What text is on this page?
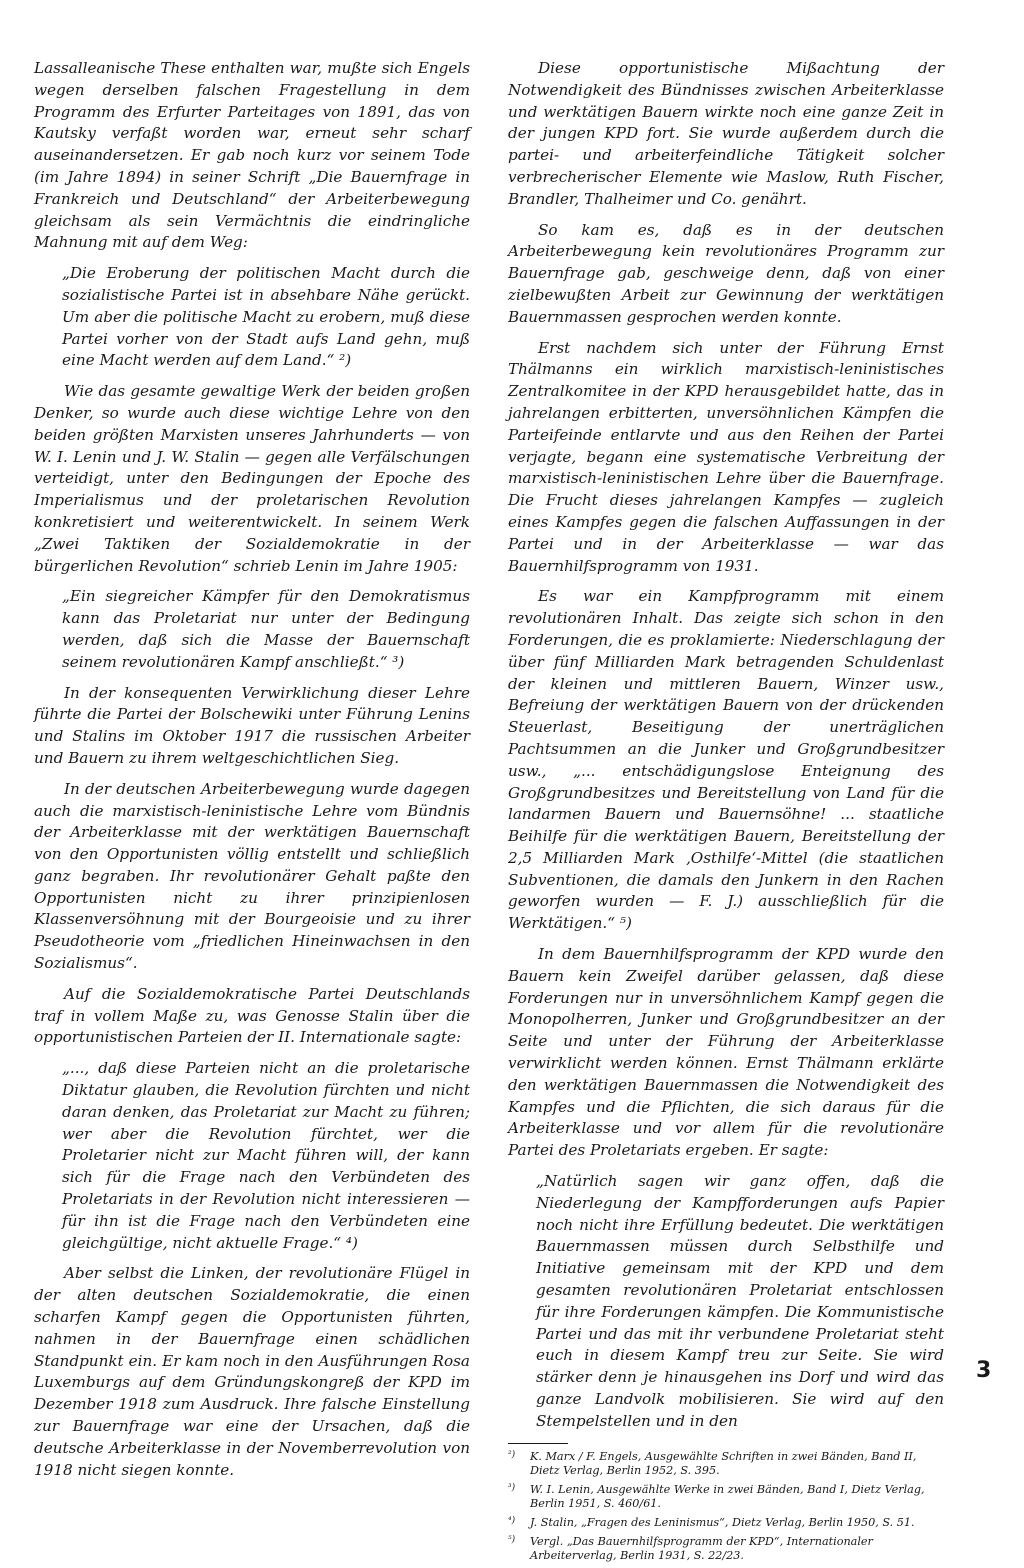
Lassalleanische These enthalten war, mußte sich Engels wegen derselben falschen Fragestellung in dem Programm des Erfurter Parteitages von 1891, das von Kautsky verfaßt worden war, erneut sehr scharf auseinandersetzen. Er gab noch kurz vor seinem Tode (im Jahre 1894) in seiner Schrift „Die Bauernfrage in Frankreich und Deutschland“ der Arbeiterbewegung gleichsam als sein Vermächtnis die eindringliche Mahnung mit auf dem Weg:

„Die Eroberung der politischen Macht durch die sozialistische Partei ist in absehbare Nähe gerückt. Um aber die politische Macht zu erobern, muß diese Partei vorher von der Stadt aufs Land gehn, muß eine Macht werden auf dem Land.“ ²)

Wie das gesamte gewaltige Werk der beiden großen Denker, so wurde auch diese wichtige Lehre von den beiden größten Marxisten unseres Jahrhunderts — von W. I. Lenin und J. W. Stalin — gegen alle Verfälschungen verteidigt, unter den Bedingungen der Epoche des Imperialismus und der proletarischen Revolution konkretisiert und weiterentwickelt. In seinem Werk „Zwei Taktiken der Sozialdemokratie in der bürgerlichen Revolution“ schrieb Lenin im Jahre 1905:

„Ein siegreicher Kämpfer für den Demokratismus kann das Proletariat nur unter der Bedingung werden, daß sich die Masse der Bauernschaft seinem revolutionären Kampf anschließt.“ ³)

In der konsequenten Verwirklichung dieser Lehre führte die Partei der Bolschewiki unter Führung Lenins und Stalins im Oktober 1917 die russischen Arbeiter und Bauern zu ihrem weltgeschichtlichen Sieg.

In der deutschen Arbeiterbewegung wurde dagegen auch die marxistisch-leninistische Lehre vom Bündnis der Arbeiterklasse mit der werktätigen Bauernschaft von den Opportunisten völlig entstellt und schließlich ganz begraben. Ihr revolutionärer Gehalt paßte den Opportunisten nicht zu ihrer prinzipienlosen Klassenversöhnung mit der Bourgeoisie und zu ihrer Pseudotheorie vom „friedlichen Hineinwachsen in den Sozialismus“.

Auf die Sozialdemokratische Partei Deutschlands traf in vollem Maße zu, was Genosse Stalin über die opportunistischen Parteien der II. Internationale sagte:

„..., daß diese Parteien nicht an die proletarische Diktatur glauben, die Revolution fürchten und nicht daran denken, das Proletariat zur Macht zu führen; wer aber die Revolution fürchtet, wer die Proletarier nicht zur Macht führen will, der kann sich für die Frage nach den Verbündeten des Proletariats in der Revolution nicht interessieren — für ihn ist die Frage nach den Verbündeten eine gleichgültige, nicht aktuelle Frage.“ ⁴)

Aber selbst die Linken, der revolutionäre Flügel in der alten deutschen Sozialdemokratie, die einen scharfen Kampf gegen die Opportunisten führten, nahmen in der Bauernfrage einen schädlichen Standpunkt ein. Er kam noch in den Ausführungen Rosa Luxemburgs auf dem Gründungskongreß der KPD im Dezember 1918 zum Ausdruck. Ihre falsche Einstellung zur Bauernfrage war eine der Ursachen, daß die deutsche Arbeiterklasse in der Novemberrevolution von 1918 nicht siegen konnte.

Diese opportunistische Mißachtung der Notwendigkeit des Bündnisses zwischen Arbeiterklasse und werktätigen Bauern wirkte noch eine ganze Zeit in der jungen KPD fort. Sie wurde außerdem durch die partei- und arbeiterfeindliche Tätigkeit solcher verbrecherischer Elemente wie Maslow, Ruth Fischer, Brandler, Thalheimer und Co. genährt.

So kam es, daß es in der deutschen Arbeiterbewegung kein revolutionäres Programm zur Bauernfrage gab, geschweige denn, daß von einer zielbewußten Arbeit zur Gewinnung der werktätigen Bauernmassen gesprochen werden konnte.

Erst nachdem sich unter der Führung Ernst Thälmanns ein wirklich marxistisch-leninistisches Zentralkomitee in der KPD herausgebildet hatte, das in jahrelangen erbitterten, unversöhnlichen Kämpfen die Parteifeinde entlarvte und aus den Reihen der Partei verjagte, begann eine systematische Verbreitung der marxistisch-leninistischen Lehre über die Bauernfrage. Die Frucht dieses jahrelangen Kampfes — zugleich eines Kampfes gegen die falschen Auffassungen in der Partei und in der Arbeiterklasse — war das Bauernhilfsprogramm von 1931.

Es war ein Kampfprogramm mit einem revolutionären Inhalt. Das zeigte sich schon in den Forderungen, die es proklamierte: Niederschlagung der über fünf Milliarden Mark betragenden Schuldenlast der kleinen und mittleren Bauern, Winzer usw., Befreiung der werktätigen Bauern von der drückenden Steuerlast, Beseitigung der unerträglichen Pachtsummen an die Junker und Großgrundbesitzer usw., „... entschädigungslose Enteignung des Großgrundbesitzes und Bereitstellung von Land für die landarmen Bauern und Bauernsöhne! ... staatliche Beihilfe für die werktätigen Bauern, Bereitstellung der 2,5 Milliarden Mark ‚Osthilfe‘-Mittel (die staatlichen Subventionen, die damals den Junkern in den Rachen geworfen wurden — F. J.) ausschließlich für die Werktätigen.“ ⁵)

In dem Bauernhilfsprogramm der KPD wurde den Bauern kein Zweifel darüber gelassen, daß diese Forderungen nur in unversöhnlichem Kampf gegen die Monopolherren, Junker und Großgrundbesitzer an der Seite und unter der Führung der Arbeiterklasse verwirklicht werden können. Ernst Thälmann erklärte den werktätigen Bauernmassen die Notwendigkeit des Kampfes und die Pflichten, die sich daraus für die Arbeiterklasse und vor allem für die revolutionäre Partei des Proletariats ergeben. Er sagte:

„Natürlich sagen wir ganz offen, daß die Niederlegung der Kampfforderungen aufs Papier noch nicht ihre Erfüllung bedeutet. Die werktätigen Bauernmassen müssen durch Selbsthilfe und Initiative gemeinsam mit der KPD und dem gesamten revolutionären Proletariat entschlossen für ihre Forderungen kämpfen. Die Kommunistische Partei und das mit ihr verbundene Proletariat steht euch in diesem Kampf treu zur Seite. Sie wird stärker denn je hinausgehen ins Dorf und wird das ganze Landvolk mobilisieren. Sie wird auf den Stempelstellen und in den

²) K. Marx / F. Engels, Ausgewählte Schriften in zwei Bänden, Band II, Dietz Verlag, Berlin 1952, S. 395.
³) W. I. Lenin, Ausgewählte Werke in zwei Bänden, Band I, Dietz Verlag, Berlin 1951, S. 460/61.
⁴) J. Stalin, „Fragen des Leninismus“, Dietz Verlag, Berlin 1950, S. 51.
⁵) Vergl. „Das Bauernhilfsprogramm der KPD“, Internationaler Arbeiterverlag, Berlin 1931, S. 22/23.
3
